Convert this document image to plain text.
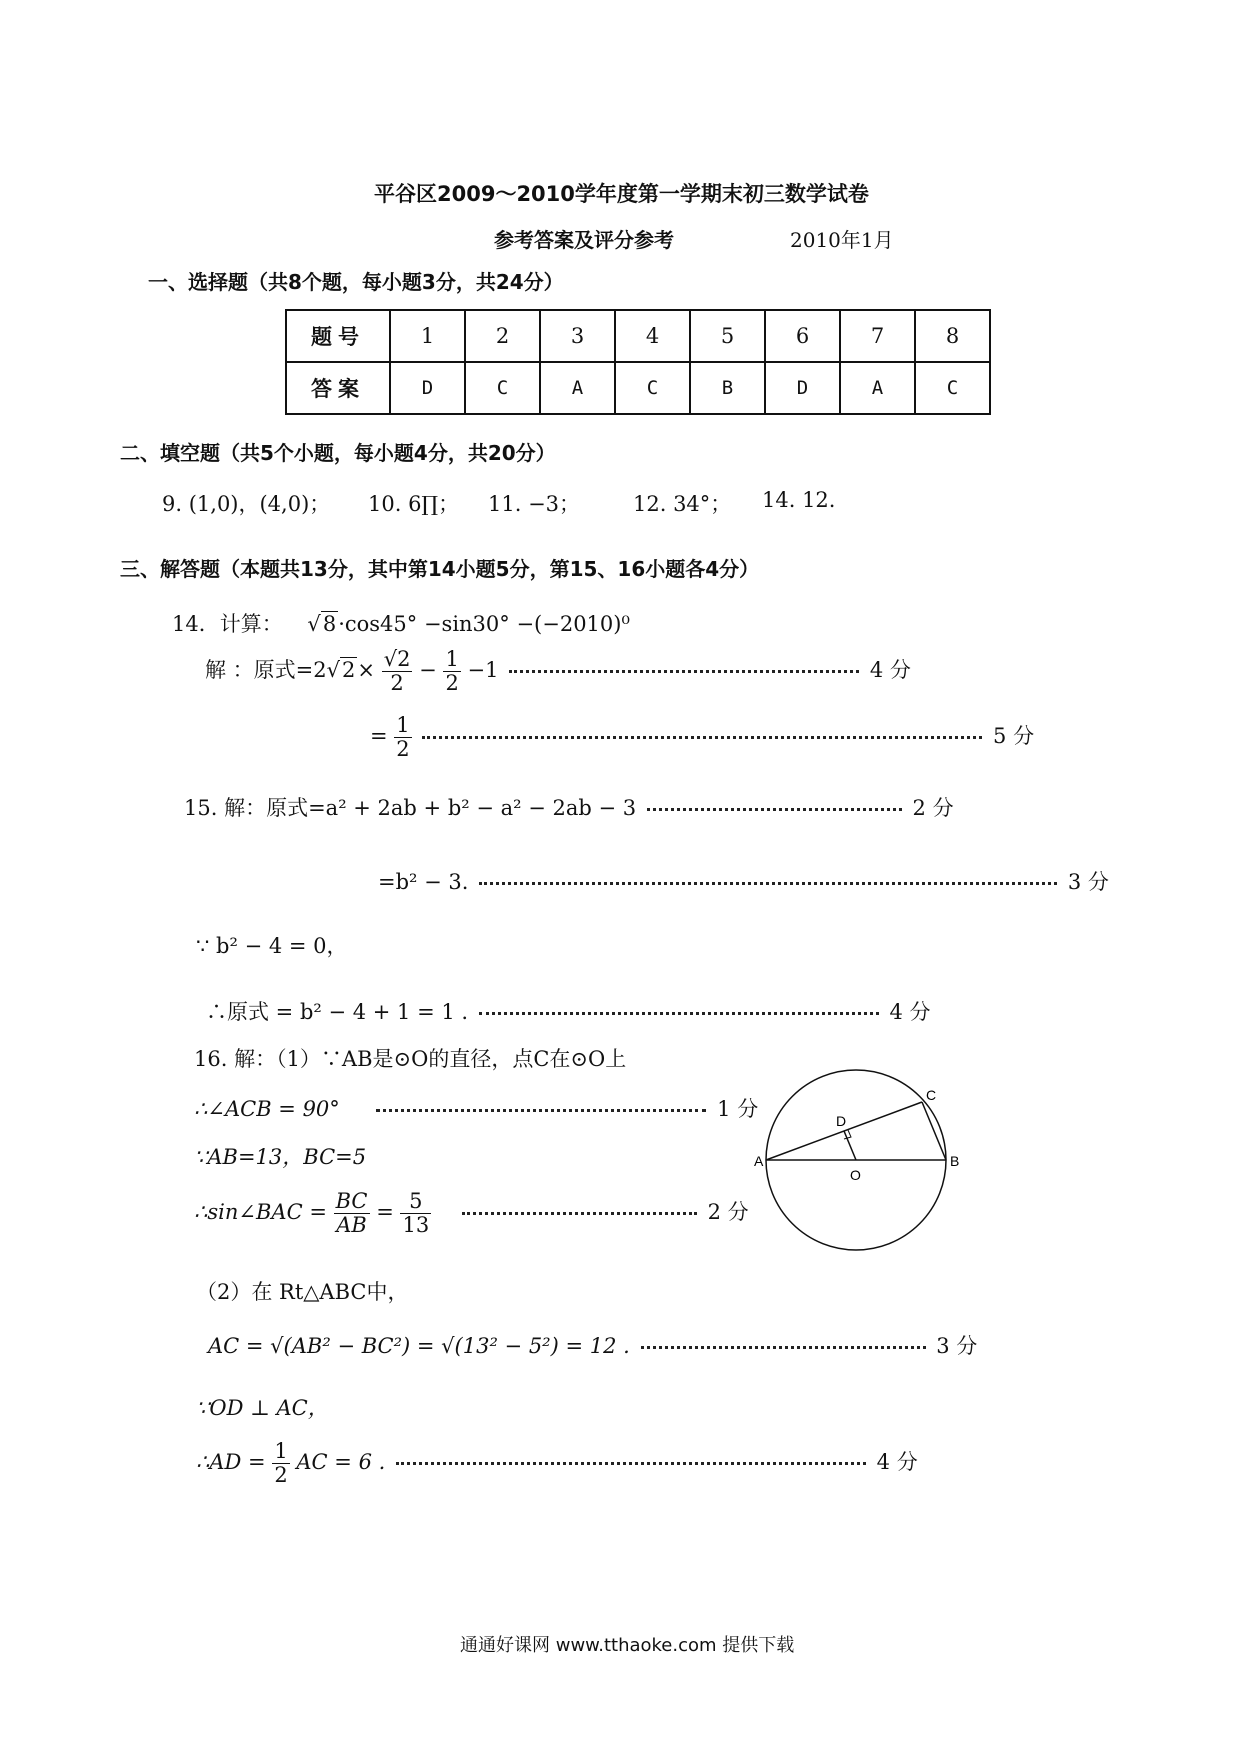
平谷区2009～2010学年度第一学期末初三数学试卷
参考答案及评分参考	2010年1月
一、选择题（共8个题，每小题3分，共24分）
题号	1	2	3	4	5	6	7	8
答案	D	C	A	C	B	D	A	C
二、填空题（共5个小题，每小题4分，共20分）
9. (1,0)，(4,0)； 10. 6∏； 11. −3；	12. 34°； 14. 12.
三、解答题（本题共13分，其中第14小题5分，第15、16小题各4分）
14．计算： √8·cos45° −sin30° −(−2010)⁰
解 ：原式$=2√2\times \frac{√2}{2} - \frac{1}{2} -1$	4 分
= $\frac{1}{2}$	5 分
15. 解：原式=a² + 2ab + b² − a² − 2ab − 3	2 分
=b² − 3.	3 分
∵ b² − 4 = 0，
∴原式 = b² − 4 + 1 = 1 .	4 分
16. 解：（1）∵AB是⊙O的直径，点C在⊙O上
∴∠ACB = 90°	1 分
∵AB=13，BC=5
∴sin∠BAC = $\frac{BC}{AB} = \frac{5}{13}$	2 分
（2）在 Rt△ABC中，
AC = √(AB² − BC²) = √(13² − 5²) = 12 .	3 分
∵OD ⊥ AC，
∴AD = $\frac{1}{2}$ AC = 6 .	4 分
A	B
C
D
O
通通好课网 www.tthaoke.com 提供下载
